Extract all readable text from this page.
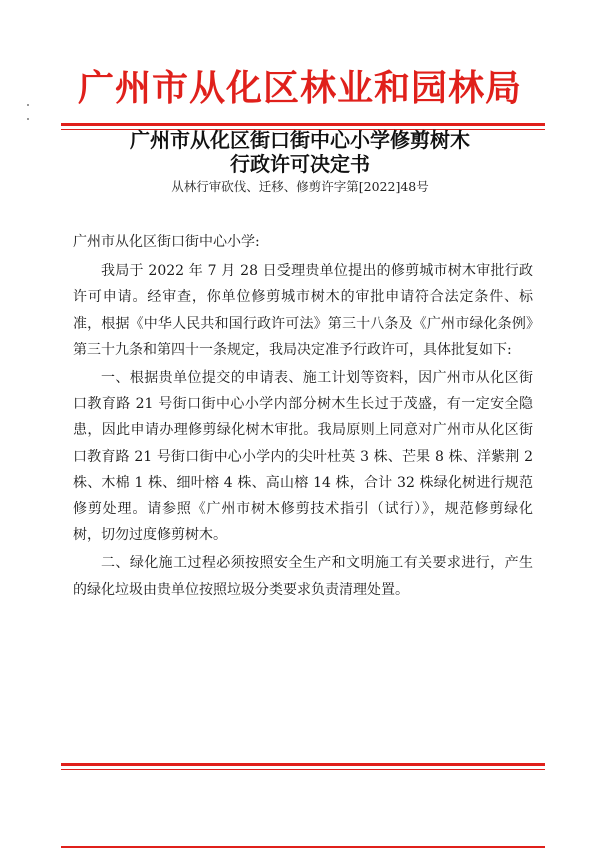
广州市从化区林业和园林局
广州市从化区街口街中心小学修剪树木
行政许可决定书
从林行审砍伐、迁移、修剪许字第[2022]48号

广州市从化区街口街中心小学:

我局于 2022 年 7 月 28 日受理贵单位提出的修剪城市树木审批行政许可申请。经审查，你单位修剪城市树木的审批申请符合法定条件、标准，根据《中华人民共和国行政许可法》第三十八条及《广州市绿化条例》第三十九条和第四十一条规定，我局决定准予行政许可，具体批复如下:

一、根据贵单位提交的申请表、施工计划等资料，因广州市从化区街口教育路 21 号街口街中心小学内部分树木生长过于茂盛，有一定安全隐患，因此申请办理修剪绿化树木审批。我局原则上同意对广州市从化区街口教育路 21 号街口街中心小学内的尖叶杜英 3 株、芒果 8 株、洋紫荆 2 株、木棉 1 株、细叶榕 4 株、高山榕 14 株，合计 32 株绿化树进行规范修剪处理。请参照《广州市树木修剪技术指引（试行）》，规范修剪绿化树，切勿过度修剪树木。

二、绿化施工过程必须按照安全生产和文明施工有关要求进行，产生的绿化垃圾由贵单位按照垃圾分类要求负责清理处置。
